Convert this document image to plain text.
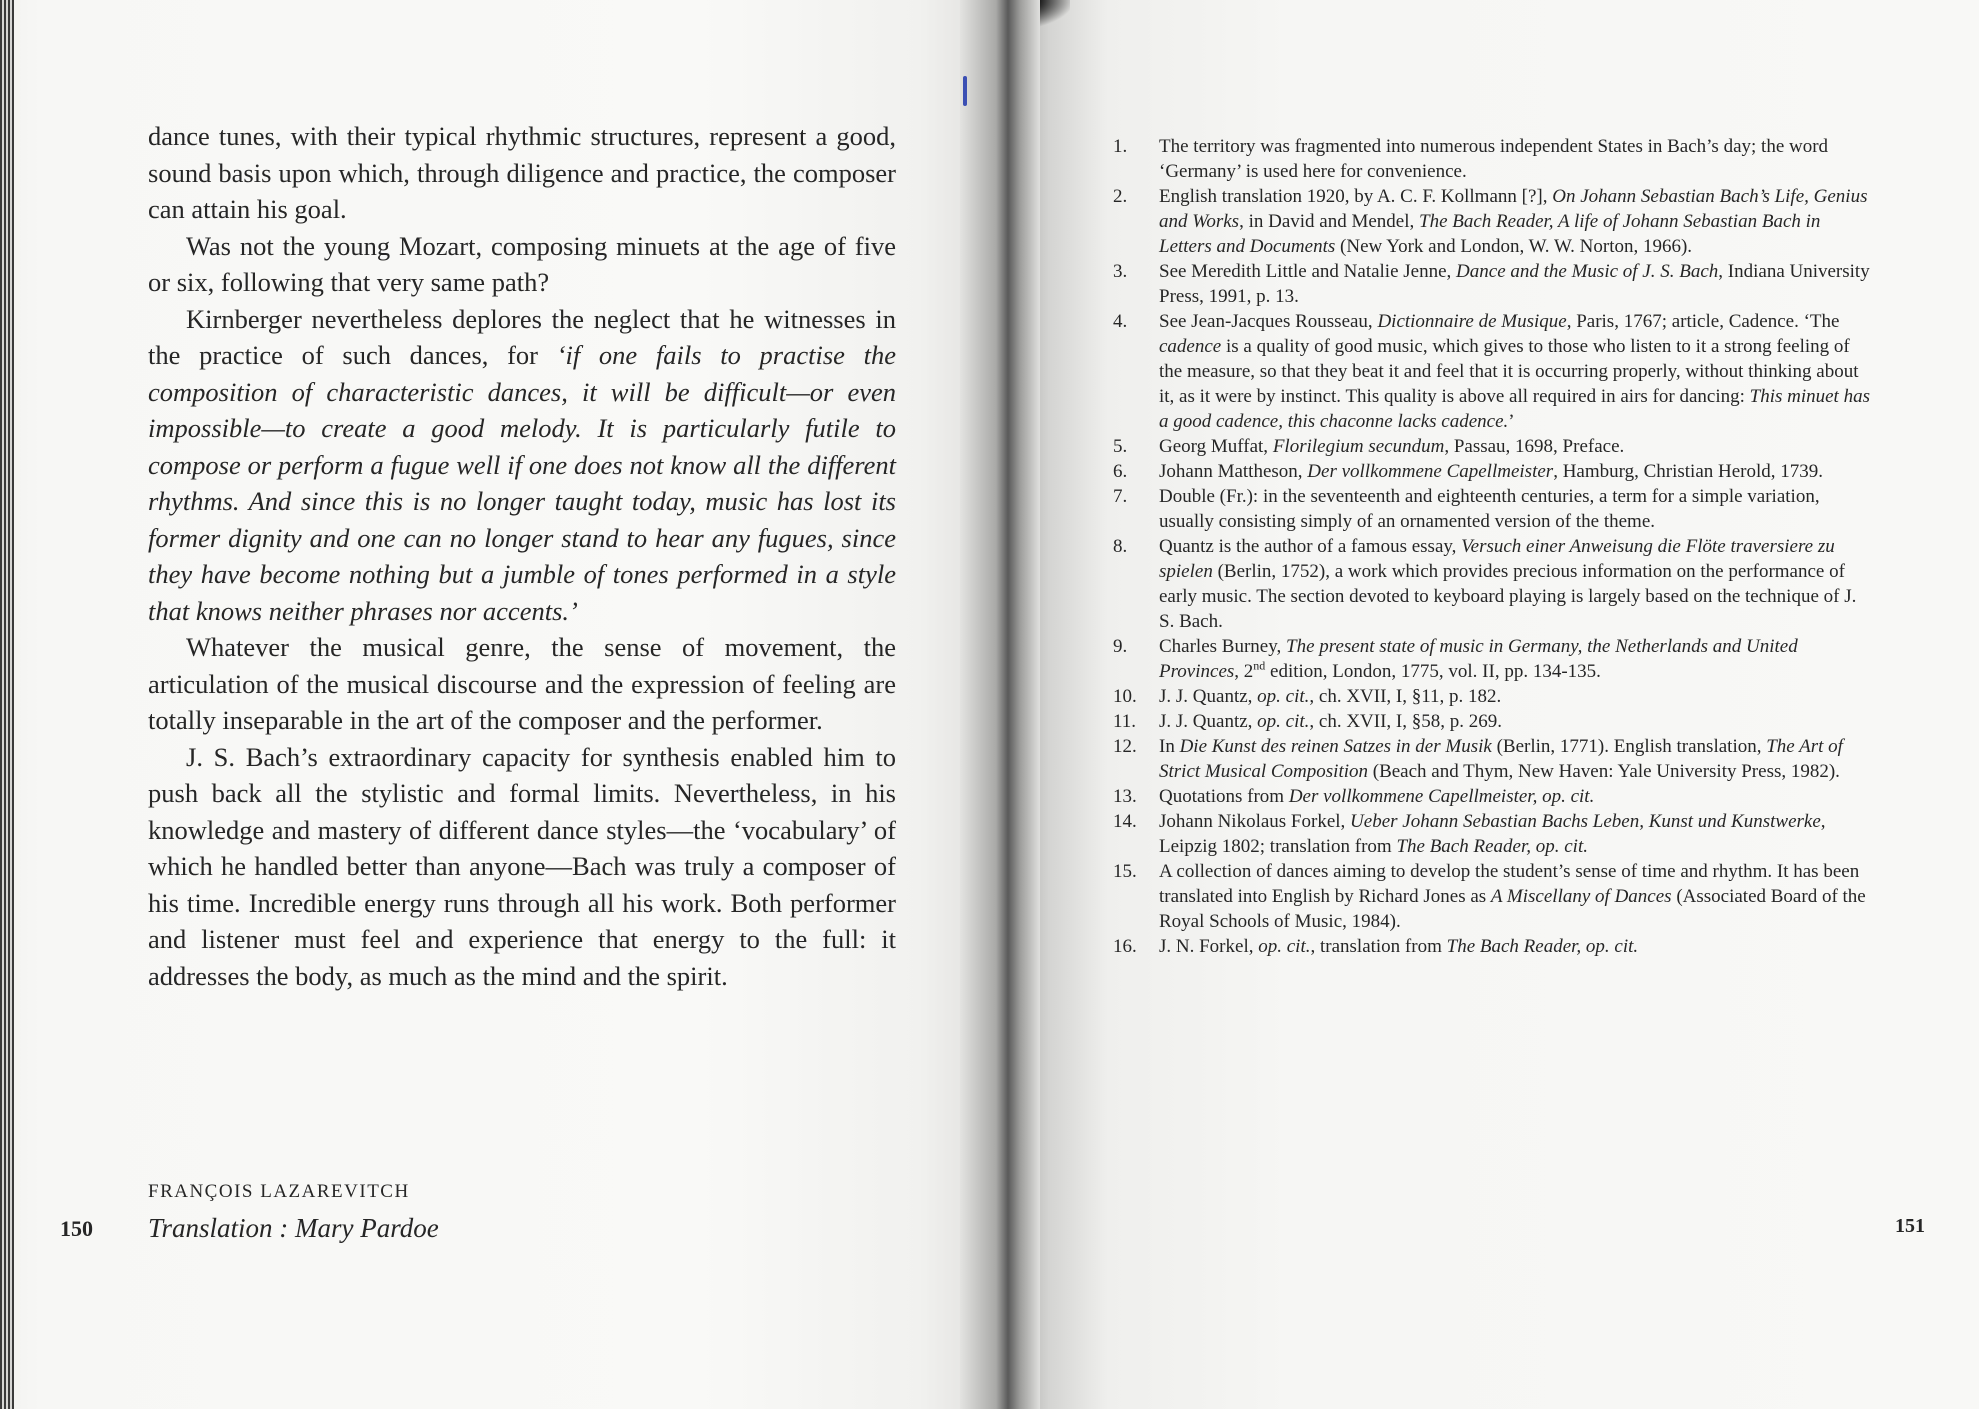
dance tunes, with their typical rhythmic structures, represent a good, sound basis upon which, through diligence and practice, the composer can attain his goal.

Was not the young Mozart, composing minuets at the age of five or six, following that very same path?

Kirnberger nevertheless deplores the neglect that he witnesses in the practice of such dances, for ‘if one fails to practise the composition of characteristic dances, it will be difficult—or even impossible—to create a good melody. It is particularly futile to compose or perform a fugue well if one does not know all the different rhythms. And since this is no longer taught today, music has lost its former dignity and one can no longer stand to hear any fugues, since they have become nothing but a jumble of tones performed in a style that knows neither phrases nor accents.’

Whatever the musical genre, the sense of movement, the articulation of the musical discourse and the expression of feeling are totally inseparable in the art of the composer and the performer.

J. S. Bach’s extraordinary capacity for synthesis enabled him to push back all the stylistic and formal limits. Nevertheless, in his knowledge and mastery of different dance styles—the ‘vocabulary’ of which he handled better than anyone—Bach was truly a composer of his time. Incredible energy runs through all his work. Both performer and listener must feel and experience that energy to the full: it addresses the body, as much as the mind and the spirit.

FRANÇOIS LAZAREVITCH
Translation : Mary Pardoe
150
1.	The territory was fragmented into numerous independent States in Bach’s day; the word ‘Germany’ is used here for convenience.
2.	English translation 1920, by A. C. F. Kollmann [?], On Johann Sebastian Bach’s Life, Genius and Works, in David and Mendel, The Bach Reader, A life of Johann Sebastian Bach in Letters and Documents (New York and London, W. W. Norton, 1966).
3.	See Meredith Little and Natalie Jenne, Dance and the Music of J. S. Bach, Indiana University Press, 1991, p. 13.
4.	See Jean-Jacques Rousseau, Dictionnaire de Musique, Paris, 1767; article, Cadence. ‘The cadence is a quality of good music, which gives to those who listen to it a strong feeling of the measure, so that they beat it and feel that it is occurring properly, without thinking about it, as it were by instinct. This quality is above all required in airs for dancing: This minuet has a good cadence, this chaconne lacks cadence.’
5.	Georg Muffat, Florilegium secundum, Passau, 1698, Preface.
6.	Johann Mattheson, Der vollkommene Capellmeister, Hamburg, Christian Herold, 1739.
7.	Double (Fr.): in the seventeenth and eighteenth centuries, a term for a simple variation, usually consisting simply of an ornamented version of the theme.
8.	Quantz is the author of a famous essay, Versuch einer Anweisung die Flöte traversiere zu spielen (Berlin, 1752), a work which provides precious information on the performance of early music. The section devoted to keyboard playing is largely based on the technique of J. S. Bach.
9.	Charles Burney, The present state of music in Germany, the Netherlands and United Provinces, 2nd edition, London, 1775, vol. II, pp. 134-135.
10.	J. J. Quantz, op. cit., ch. XVII, I, §11, p. 182.
11.	J. J. Quantz, op. cit., ch. XVII, I, §58, p. 269.
12.	In Die Kunst des reinen Satzes in der Musik (Berlin, 1771). English translation, The Art of Strict Musical Composition (Beach and Thym, New Haven: Yale University Press, 1982).
13.	Quotations from Der vollkommene Capellmeister, op. cit.
14.	Johann Nikolaus Forkel, Ueber Johann Sebastian Bachs Leben, Kunst und Kunstwerke, Leipzig 1802; translation from The Bach Reader, op. cit.
15.	A collection of dances aiming to develop the student’s sense of time and rhythm. It has been translated into English by Richard Jones as A Miscellany of Dances (Associated Board of the Royal Schools of Music, 1984).
16.	J. N. Forkel, op. cit., translation from The Bach Reader, op. cit.
151
